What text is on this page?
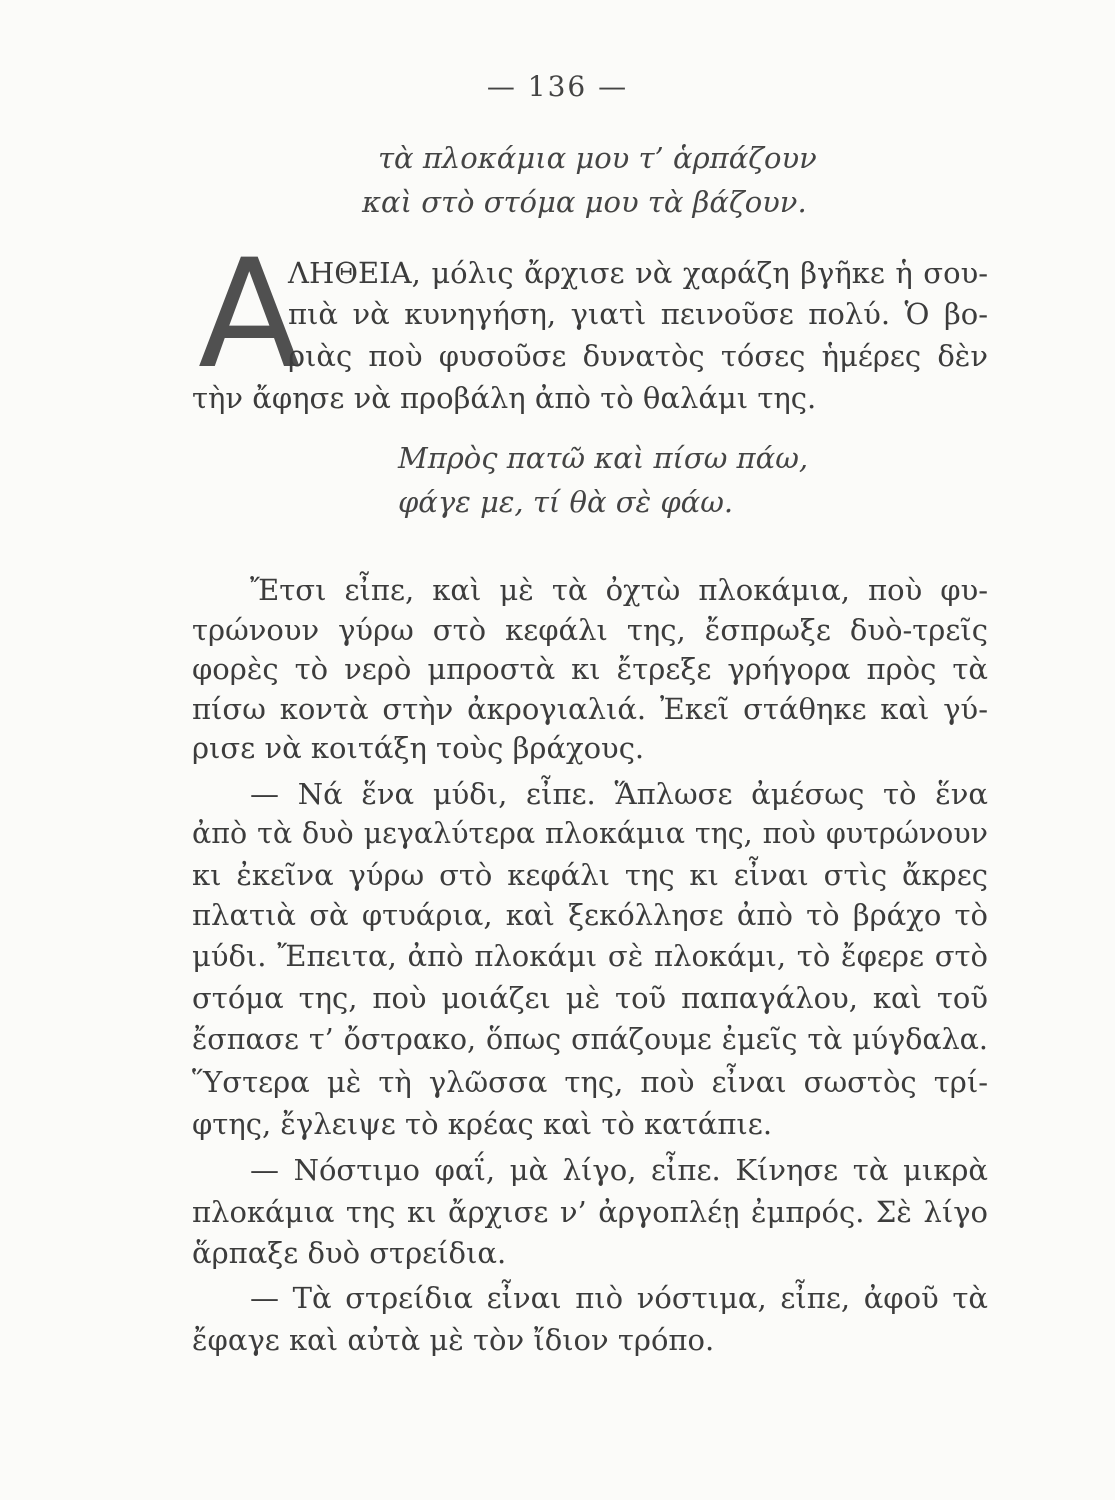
— 136 —
τὰ πλοκάμια μου τ’ ἁρπάζουν
καὶ στὸ στόμα μου τὰ βάζουν.
Α
ΛΗΘΕΙΑ, μόλις ἄρχισε νὰ χαράζη βγῆκε ἡ σου-
πιὰ νὰ κυνηγήση, γιατὶ πεινοῦσε πολύ. Ὁ βο-
ριὰς ποὺ φυσοῦσε δυνατὸς τόσες ἡμέρες δὲν
τὴν ἄφησε νὰ προβάλη ἀπὸ τὸ θαλάμι της.
Μπρὸς πατῶ καὶ πίσω πάω,
φάγε με, τί θὰ σὲ φάω.
Ἔτσι εἶπε, καὶ μὲ τὰ ὀχτὼ πλοκάμια, ποὺ φυ-
τρώνουν γύρω στὸ κεφάλι της, ἔσπρωξε δυὸ-τρεῖς
φορὲς τὸ νερὸ μπροστὰ κι ἔτρεξε γρήγορα πρὸς τὰ
πίσω κοντὰ στὴν ἀκρογιαλιά. Ἐκεῖ στάθηκε καὶ γύ-
ρισε νὰ κοιτάξη τοὺς βράχους.
— Νά ἕνα μύδι, εἶπε. Ἅπλωσε ἀμέσως τὸ ἕνα
ἀπὸ τὰ δυὸ μεγαλύτερα πλοκάμια της, ποὺ φυτρώνουν
κι ἐκεῖνα γύρω στὸ κεφάλι της κι εἶναι στὶς ἄκρες
πλατιὰ σὰ φτυάρια, καὶ ξεκόλλησε ἀπὸ τὸ βράχο τὸ
μύδι. Ἔπειτα, ἀπὸ πλοκάμι σὲ πλοκάμι, τὸ ἔφερε στὸ
στόμα της, ποὺ μοιάζει μὲ τοῦ παπαγάλου, καὶ τοῦ
ἔσπασε τ’ ὄστρακο, ὅπως σπάζουμε ἐμεῖς τὰ μύγδαλα.
Ὕστερα μὲ τὴ γλῶσσα της, ποὺ εἶναι σωστὸς τρί-
φτης, ἔγλειψε τὸ κρέας καὶ τὸ κατάπιε.
— Νόστιμο φαΐ, μὰ λίγο, εἶπε. Κίνησε τὰ μικρὰ
πλοκάμια της κι ἄρχισε ν’ ἀργοπλέῃ ἐμπρός. Σὲ λίγο
ἅρπαξε δυὸ στρείδια.
— Τὰ στρείδια εἶναι πιὸ νόστιμα, εἶπε, ἀφοῦ τὰ
ἔφαγε καὶ αὐτὰ μὲ τὸν ἴδιον τρόπο.
